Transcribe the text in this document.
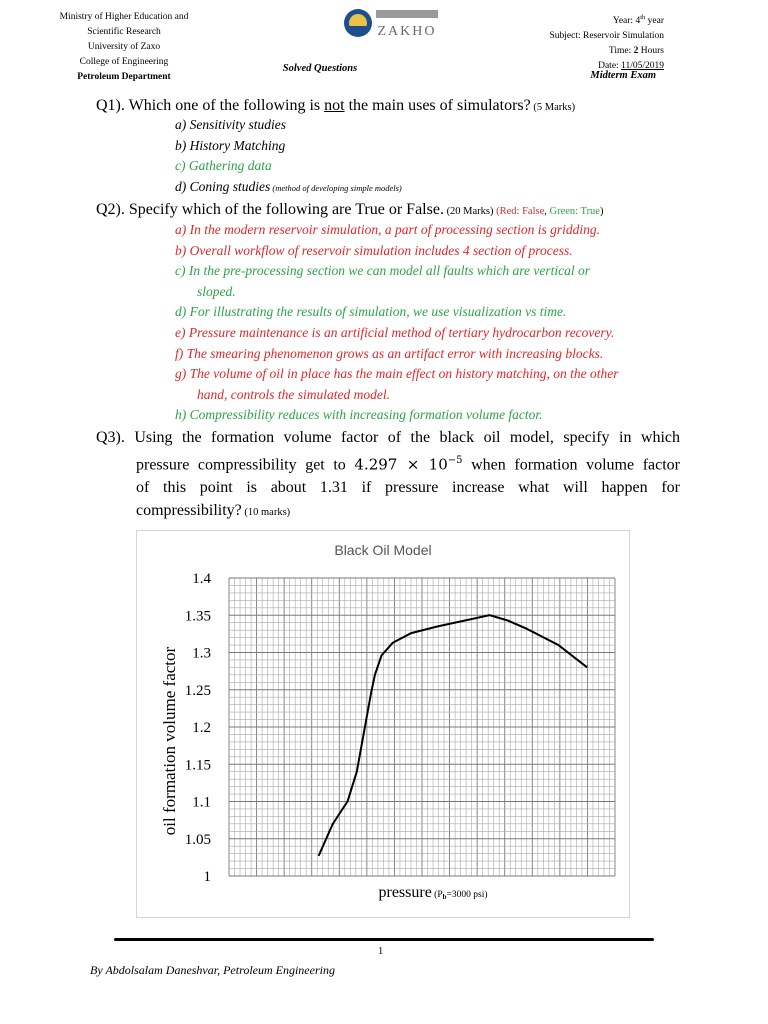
Ministry of Higher Education and
Scientific Research
University of Zaxo
College of Engineering
Petroleum Department
ZAKHO
Solved Questions
Year: 4th year
Subject: Reservoir Simulation
Time: 2 Hours
Date: 11/05/2019
Midterm Exam
Q1). Which one of the following is not the main uses of simulators? (5 Marks)
a) Sensitivity studies
b) History Matching
c) Gathering data
d) Coning studies (method of developing simple models)
Q2). Specify which of the following are True or False. (20 Marks) (Red: False, Green: True)
a) In the modern reservoir simulation, a part of processing section is gridding.
b) Overall workflow of reservoir simulation includes 4 section of process.
c) In the pre-processing section we can model all faults which are vertical or
sloped.
d) For illustrating the results of simulation, we use visualization vs time.
e) Pressure maintenance is an artificial method of tertiary hydrocarbon recovery.
f) The smearing phenomenon grows as an artifact error with increasing blocks.
g) The volume of oil in place has the main effect on history matching, on the other
hand, controls the simulated model.
h) Compressibility reduces with increasing formation volume factor.
Q3). Using the formation volume factor of the black oil model, specify in which
pressure compressibility get to $4.297 \times 10^{-5}$ when formation volume factor
of this point is about 1.31 if pressure increase what will happen for
compressibility? (10 marks)
Black Oil Model
1.4
1.35
1.3
1.25
1.2
1.15
1.1
1.05
1
oil formation volume factor
pressure (Pb=3000 psi)
1
By Abdolsalam Daneshvar, Petroleum Engineering
